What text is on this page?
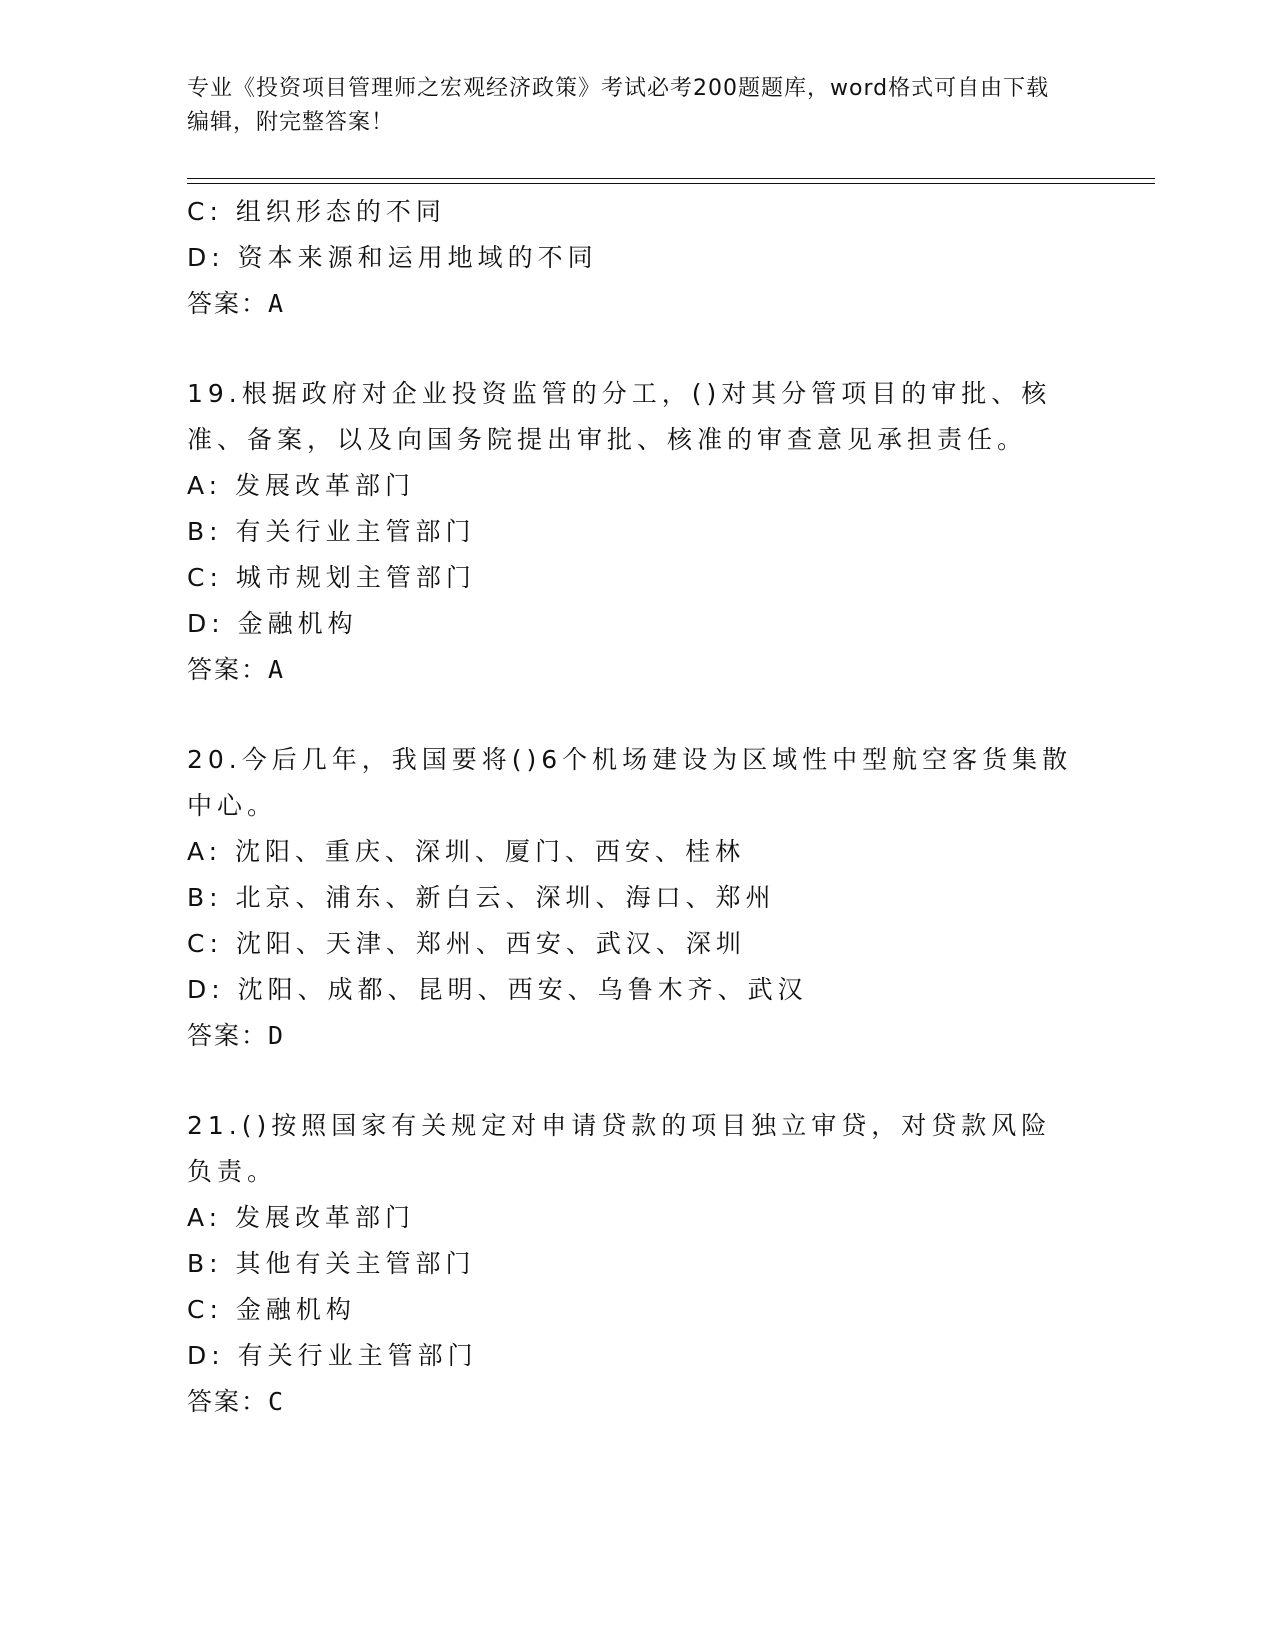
专业《投资项目管理师之宏观经济政策》考试必考200题题库，word格式可自由下载编辑，附完整答案！
C: 组织形态的不同
D: 资本来源和运用地域的不同
答案：A
19.根据政府对企业投资监管的分工，()对其分管项目的审批、核准、备案，以及向国务院提出审批、核准的审查意见承担责任。
A: 发展改革部门
B: 有关行业主管部门
C: 城市规划主管部门
D: 金融机构
答案：A
20.今后几年，我国要将()6个机场建设为区域性中型航空客货集散中心。
A: 沈阳、重庆、深圳、厦门、西安、桂林
B: 北京、浦东、新白云、深圳、海口、郑州
C: 沈阳、天津、郑州、西安、武汉、深圳
D: 沈阳、成都、昆明、西安、乌鲁木齐、武汉
答案：D
21.()按照国家有关规定对申请贷款的项目独立审贷，对贷款风险负责。
A: 发展改革部门
B: 其他有关主管部门
C: 金融机构
D: 有关行业主管部门
答案：C
